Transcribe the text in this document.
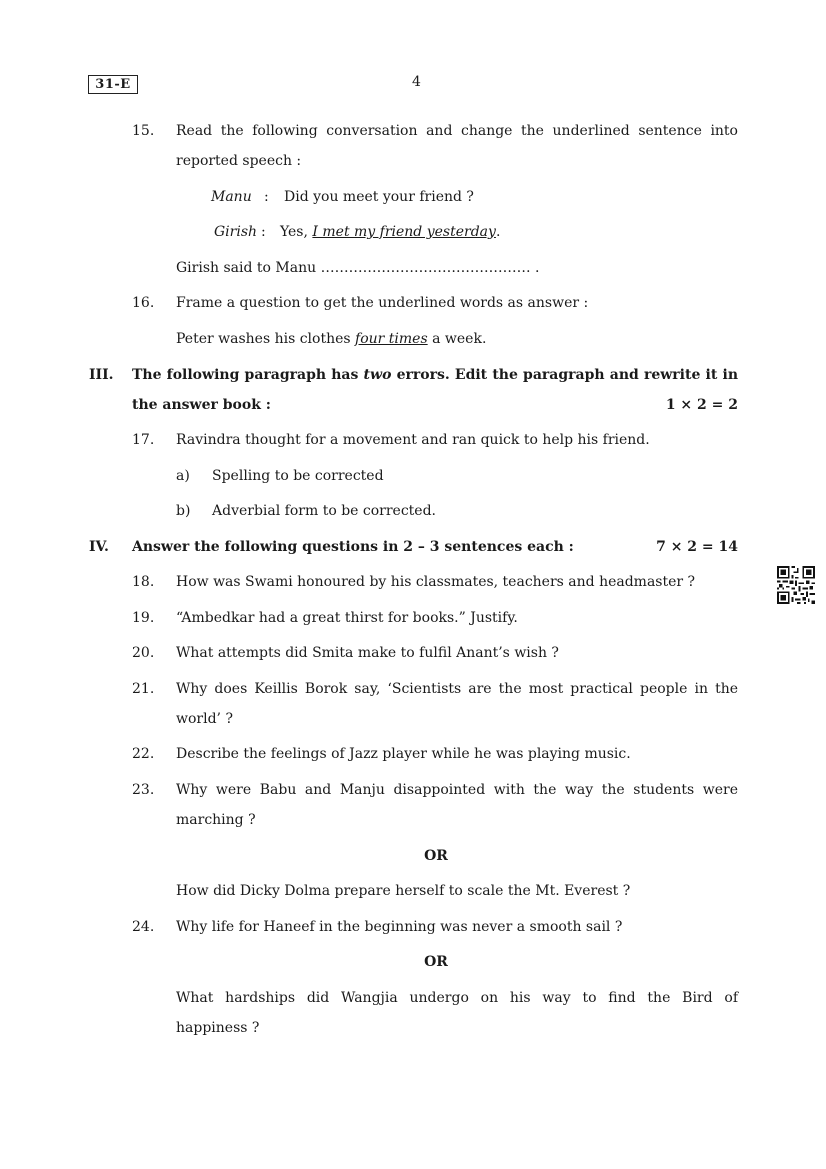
31-E	4
15.	Read the following conversation and change the underlined sentence into
reported speech :
Manu : Did you meet your friend ?
Girish : Yes, I met my friend yesterday.
Girish said to Manu ……………………………………… .
16.	Frame a question to get the underlined words as answer :
Peter washes his clothes four times a week.
III. The following paragraph has two errors. Edit the paragraph and rewrite it in
the answer book :	1 × 2 = 2
17.	Ravindra thought for a movement and ran quick to help his friend.
a) Spelling to be corrected
b) Adverbial form to be corrected.
IV. Answer the following questions in 2 – 3 sentences each :	7 × 2 = 14
18.	How was Swami honoured by his classmates, teachers and headmaster ?
19.	“Ambedkar had a great thirst for books.” Justify.
20.	What attempts did Smita make to fulfil Anant’s wish ?
21.	Why does Keillis Borok say, ‘Scientists are the most practical people in the
world’ ?
22.	Describe the feelings of Jazz player while he was playing music.
23.	Why were Babu and Manju disappointed with the way the students were
marching ?
OR
How did Dicky Dolma prepare herself to scale the Mt. Everest ?
24.	Why life for Haneef in the beginning was never a smooth sail ?
OR
What hardships did Wangjia undergo on his way to find the Bird of
happiness ?
